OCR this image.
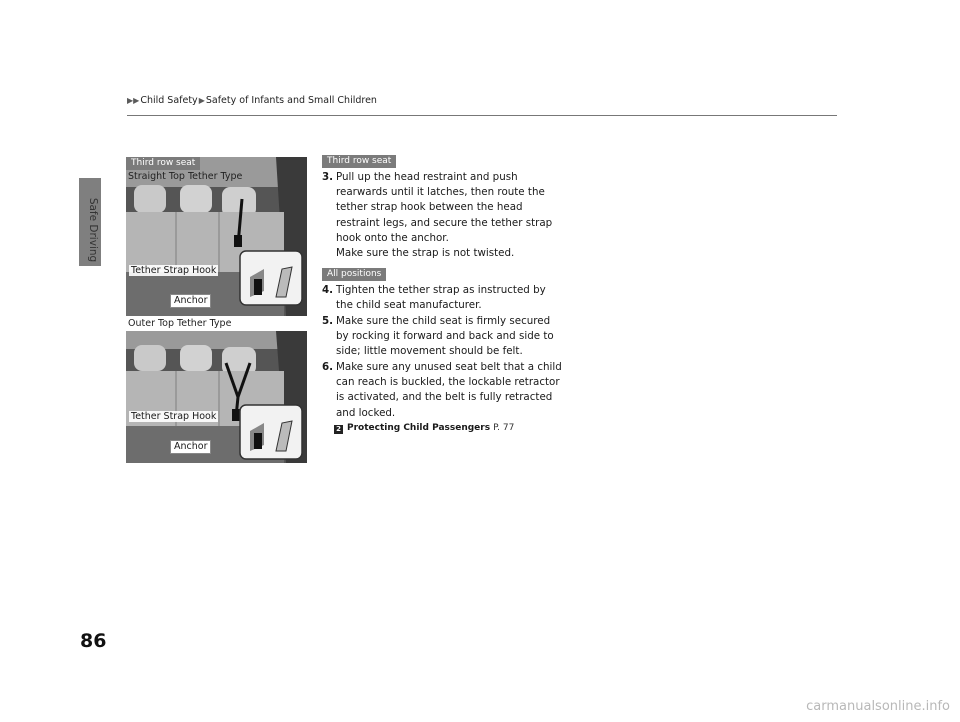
Safe Driving
▶▶ Child Safety ▶ Safety of Infants and Small Children
Third row seat
Straight Top Tether Type
Tether Strap Hook
Anchor
Outer Top Tether Type
Tether Strap Hook
Anchor
Third row seat
3. Pull up the head restraint and push rearwards until it latches, then route the tether strap hook between the head restraint legs, and secure the tether strap hook onto the anchor.
Make sure the strap is not twisted.
All positions
4. Tighten the tether strap as instructed by the child seat manufacturer.
5. Make sure the child seat is firmly secured by rocking it forward and back and side to side; little movement should be felt.
6. Make sure any unused seat belt that a child can reach is buckled, the lockable retractor is activated, and the belt is fully retracted and locked.
2 Protecting Child Passengers P. 77
86
carmanualsonline.info
